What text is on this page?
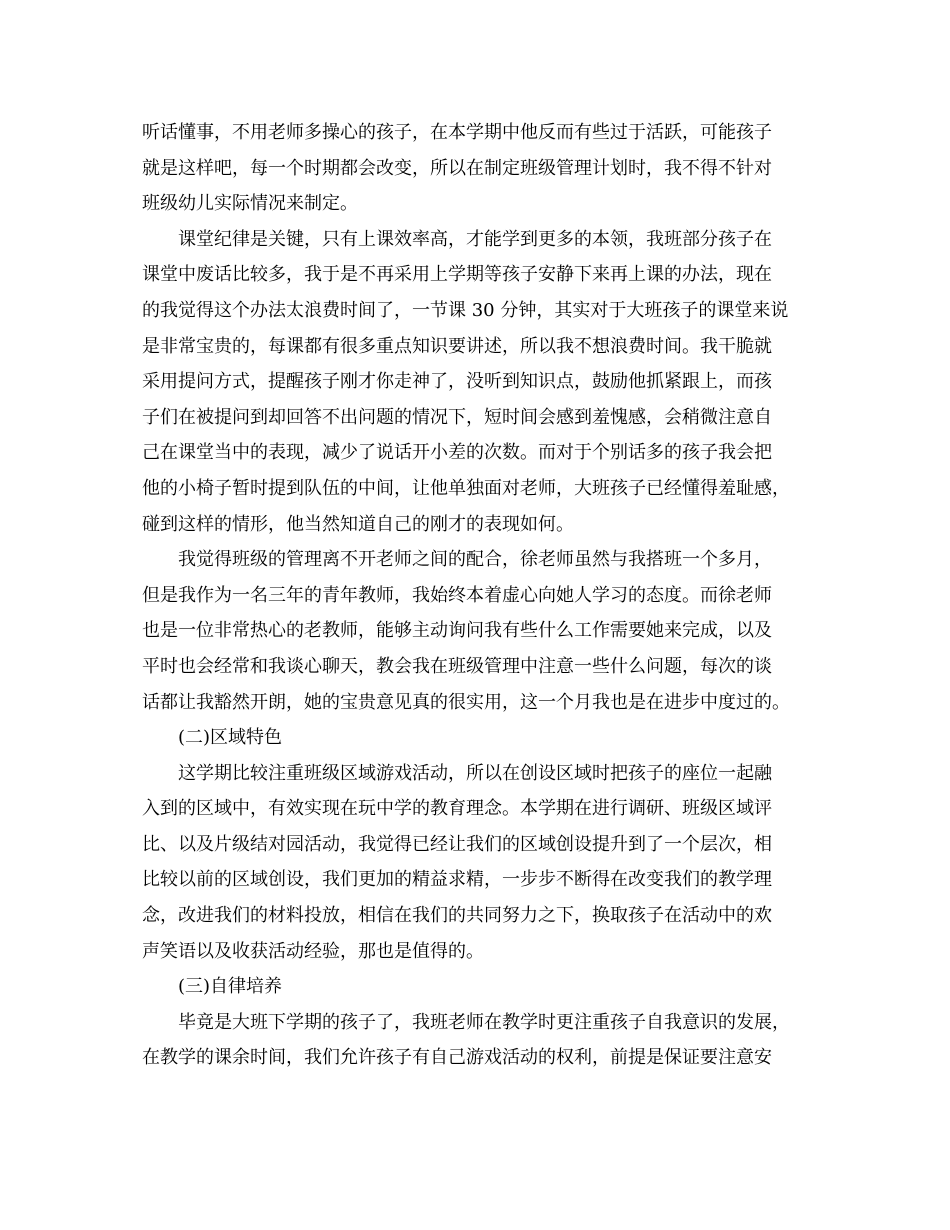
听话懂事，不用老师多操心的孩子，在本学期中他反而有些过于活跃，可能孩子
就是这样吧，每一个时期都会改变，所以在制定班级管理计划时，我不得不针对
班级幼儿实际情况来制定。
课堂纪律是关键，只有上课效率高，才能学到更多的本领，我班部分孩子在
课堂中废话比较多，我于是不再采用上学期等孩子安静下来再上课的办法，现在
的我觉得这个办法太浪费时间了，一节课 30 分钟，其实对于大班孩子的课堂来说
是非常宝贵的，每课都有很多重点知识要讲述，所以我不想浪费时间。我干脆就
采用提问方式，提醒孩子刚才你走神了，没听到知识点，鼓励他抓紧跟上，而孩
子们在被提问到却回答不出问题的情况下，短时间会感到羞愧感，会稍微注意自
己在课堂当中的表现，减少了说话开小差的次数。而对于个别话多的孩子我会把
他的小椅子暂时提到队伍的中间，让他单独面对老师，大班孩子已经懂得羞耻感，
碰到这样的情形，他当然知道自己的刚才的表现如何。
我觉得班级的管理离不开老师之间的配合，徐老师虽然与我搭班一个多月，
但是我作为一名三年的青年教师，我始终本着虚心向她人学习的态度。而徐老师
也是一位非常热心的老教师，能够主动询问我有些什么工作需要她来完成，以及
平时也会经常和我谈心聊天，教会我在班级管理中注意一些什么问题，每次的谈
话都让我豁然开朗，她的宝贵意见真的很实用，这一个月我也是在进步中度过的。
(二)区域特色
这学期比较注重班级区域游戏活动，所以在创设区域时把孩子的座位一起融
入到的区域中，有效实现在玩中学的教育理念。本学期在进行调研、班级区域评
比、以及片级结对园活动，我觉得已经让我们的区域创设提升到了一个层次，相
比较以前的区域创设，我们更加的精益求精，一步步不断得在改变我们的教学理
念，改进我们的材料投放，相信在我们的共同努力之下，换取孩子在活动中的欢
声笑语以及收获活动经验，那也是值得的。
(三)自律培养
毕竟是大班下学期的孩子了，我班老师在教学时更注重孩子自我意识的发展，
在教学的课余时间，我们允许孩子有自己游戏活动的权利，前提是保证要注意安
